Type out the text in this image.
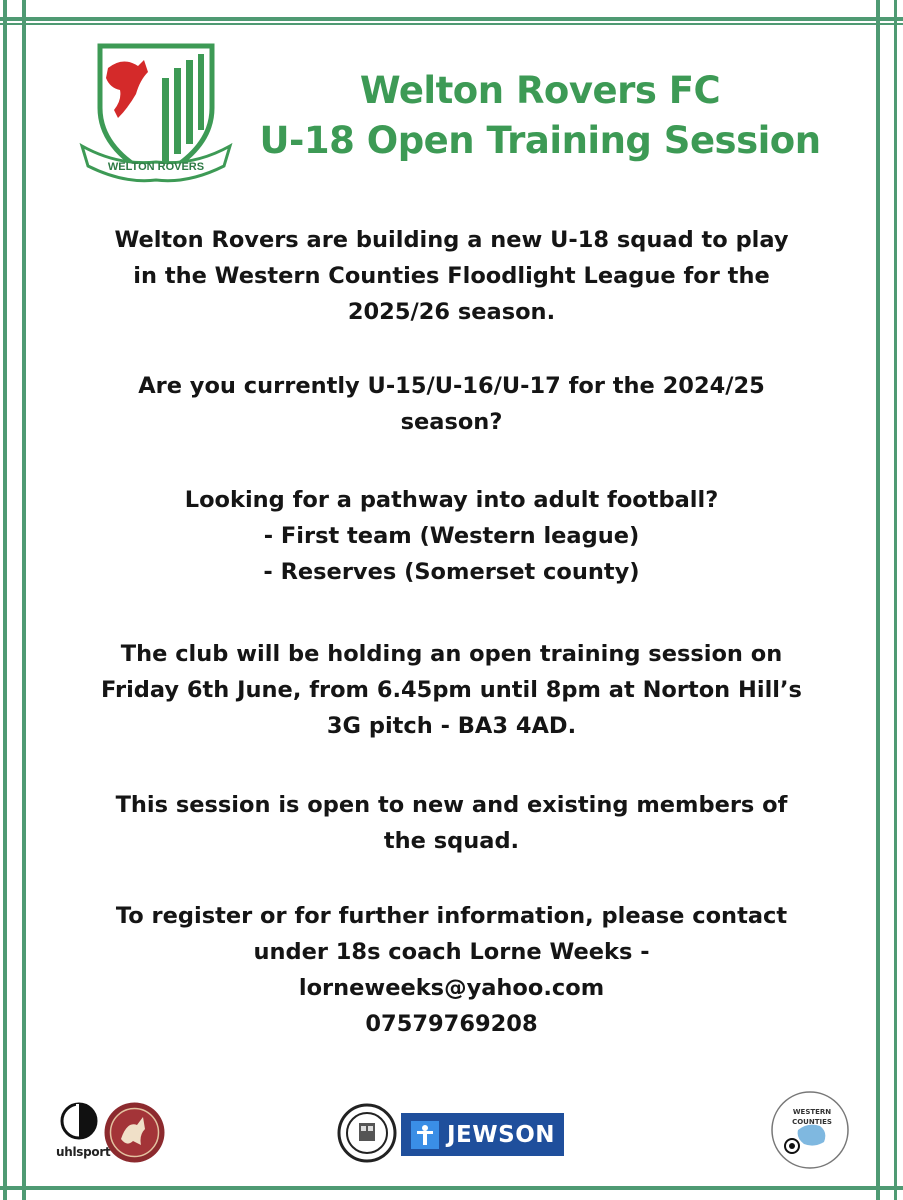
WELTON ROVERS
Welton Rovers FC
U-18 Open Training Session
Welton Rovers are building a new U-18 squad to play
in the Western Counties Floodlight League for the
2025/26 season.
Are you currently U-15/U-16/U-17 for the 2024/25
season?
Looking for a pathway into adult football?
- First team (Western league)
- Reserves (Somerset county)
The club will be holding an open training session on
Friday 6th June, from 6.45pm until 8pm at Norton Hill’s
3G pitch - BA3 4AD.
This session is open to new and existing members of
the squad.
To register or for further information, please contact
under 18s coach Lorne Weeks -
lorneweeks@yahoo.com
07579769208
uhlsport
JEWSON
WESTERN
COUNTIES
